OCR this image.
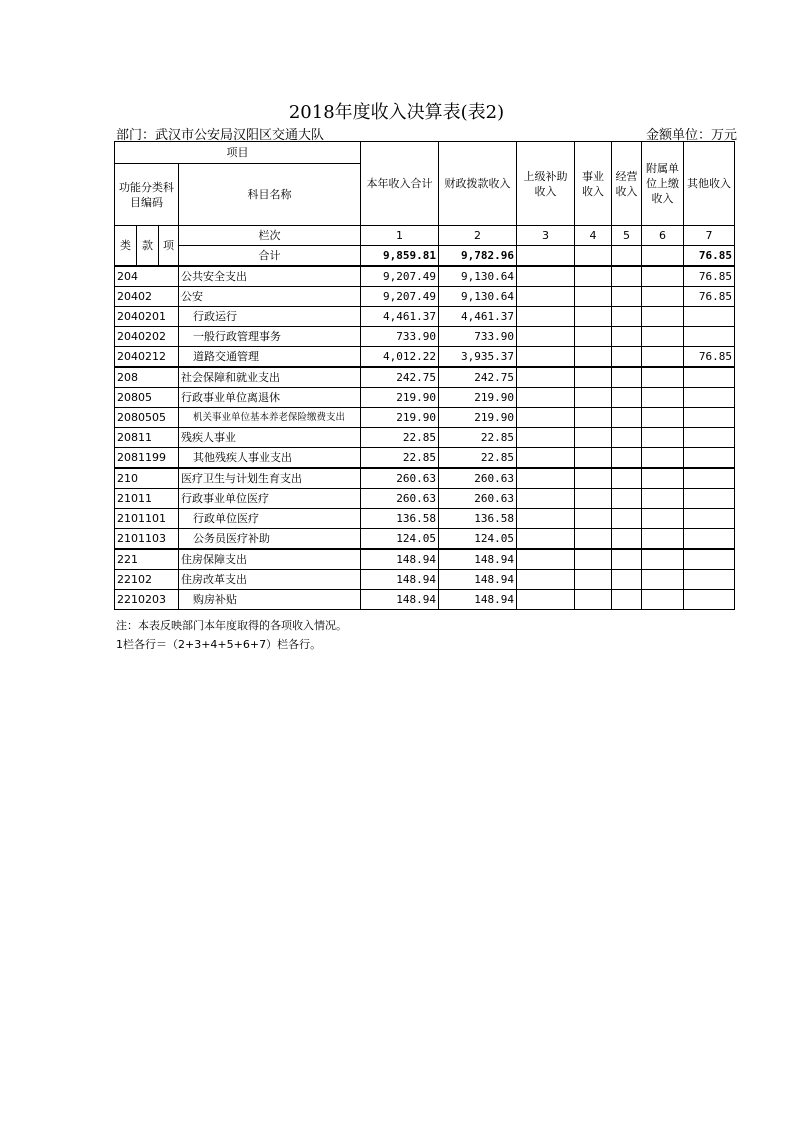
2018年度收入决算表(表2)
部门：武汉市公安局汉阳区交通大队	金额单位：万元
项目				本年收入合计	财政拨款收入	上级补助收入	事业收入	经营收入	附属单位上缴收入	其他收入
功能分类科目编码			科目名称							
类	款	项	栏次	1	2	3	4	5	6	7
			合计	9,859.81	9,782.96					76.85
204			公共安全支出	9,207.49	9,130.64					76.85
20402			公安	9,207.49	9,130.64					76.85
2040201			行政运行	4,461.37	4,461.37					
2040202			一般行政管理事务	733.90	733.90					
2040212			道路交通管理	4,012.22	3,935.37					76.85
208			社会保障和就业支出	242.75	242.75					
20805			行政事业单位离退休	219.90	219.90					
2080505			机关事业单位基本养老保险缴费支出	219.90	219.90					
20811			残疾人事业	22.85	22.85					
2081199			其他残疾人事业支出	22.85	22.85					
210			医疗卫生与计划生育支出	260.63	260.63					
21011			行政事业单位医疗	260.63	260.63					
2101101			行政单位医疗	136.58	136.58					
2101103			公务员医疗补助	124.05	124.05					
221			住房保障支出	148.94	148.94					
22102			住房改革支出	148.94	148.94					
2210203			购房补贴	148.94	148.94					
注：本表反映部门本年度取得的各项收入情况。
1栏各行＝（2+3+4+5+6+7）栏各行。
